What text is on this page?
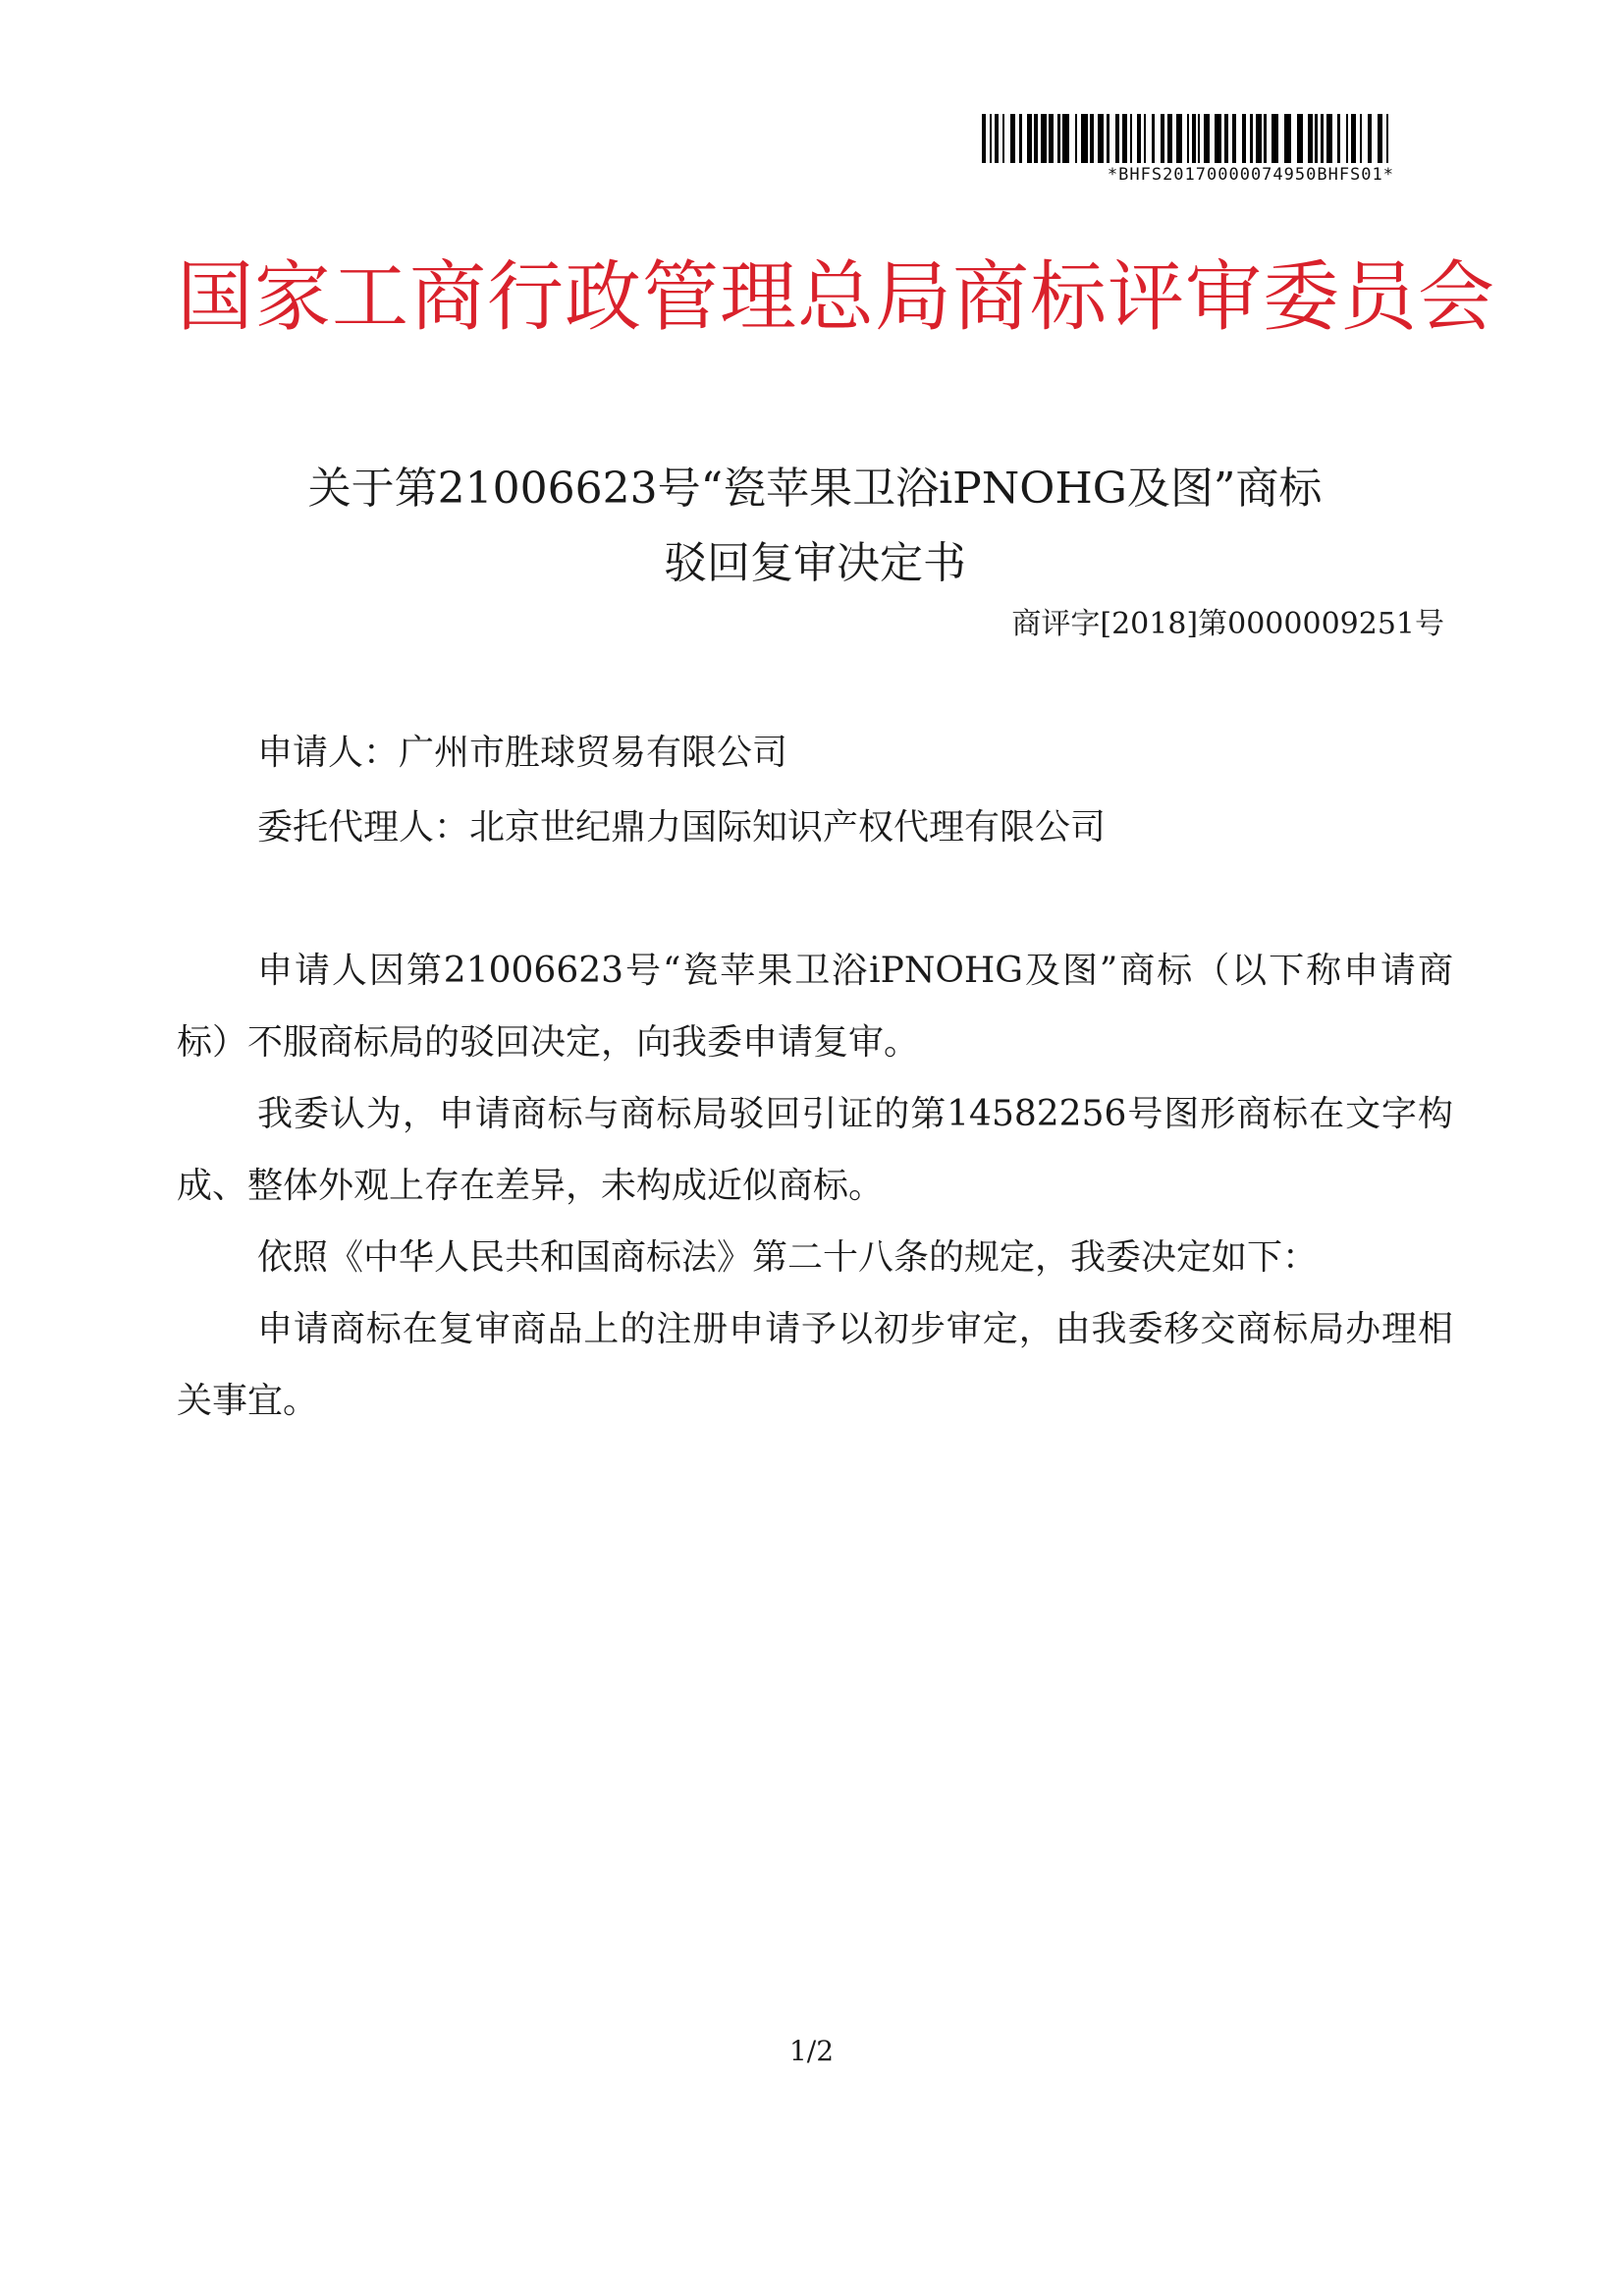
*BHFS20170000074950BHFS01*
国家工商行政管理总局商标评审委员会
关于第21006623号“瓷苹果卫浴iPNOHG及图”商标
驳回复审决定书
商评字[2018]第0000009251号
申请人：广州市胜球贸易有限公司
委托代理人：北京世纪鼎力国际知识产权代理有限公司

申请人因第21006623号“瓷苹果卫浴iPNOHG及图”商标（以下称申请商标）不服商标局的驳回决定，向我委申请复审。

我委认为，申请商标与商标局驳回引证的第14582256号图形商标在文字构成、整体外观上存在差异，未构成近似商标。

依照《中华人民共和国商标法》第二十八条的规定，我委决定如下：

申请商标在复审商品上的注册申请予以初步审定，由我委移交商标局办理相关事宜。

1/2
